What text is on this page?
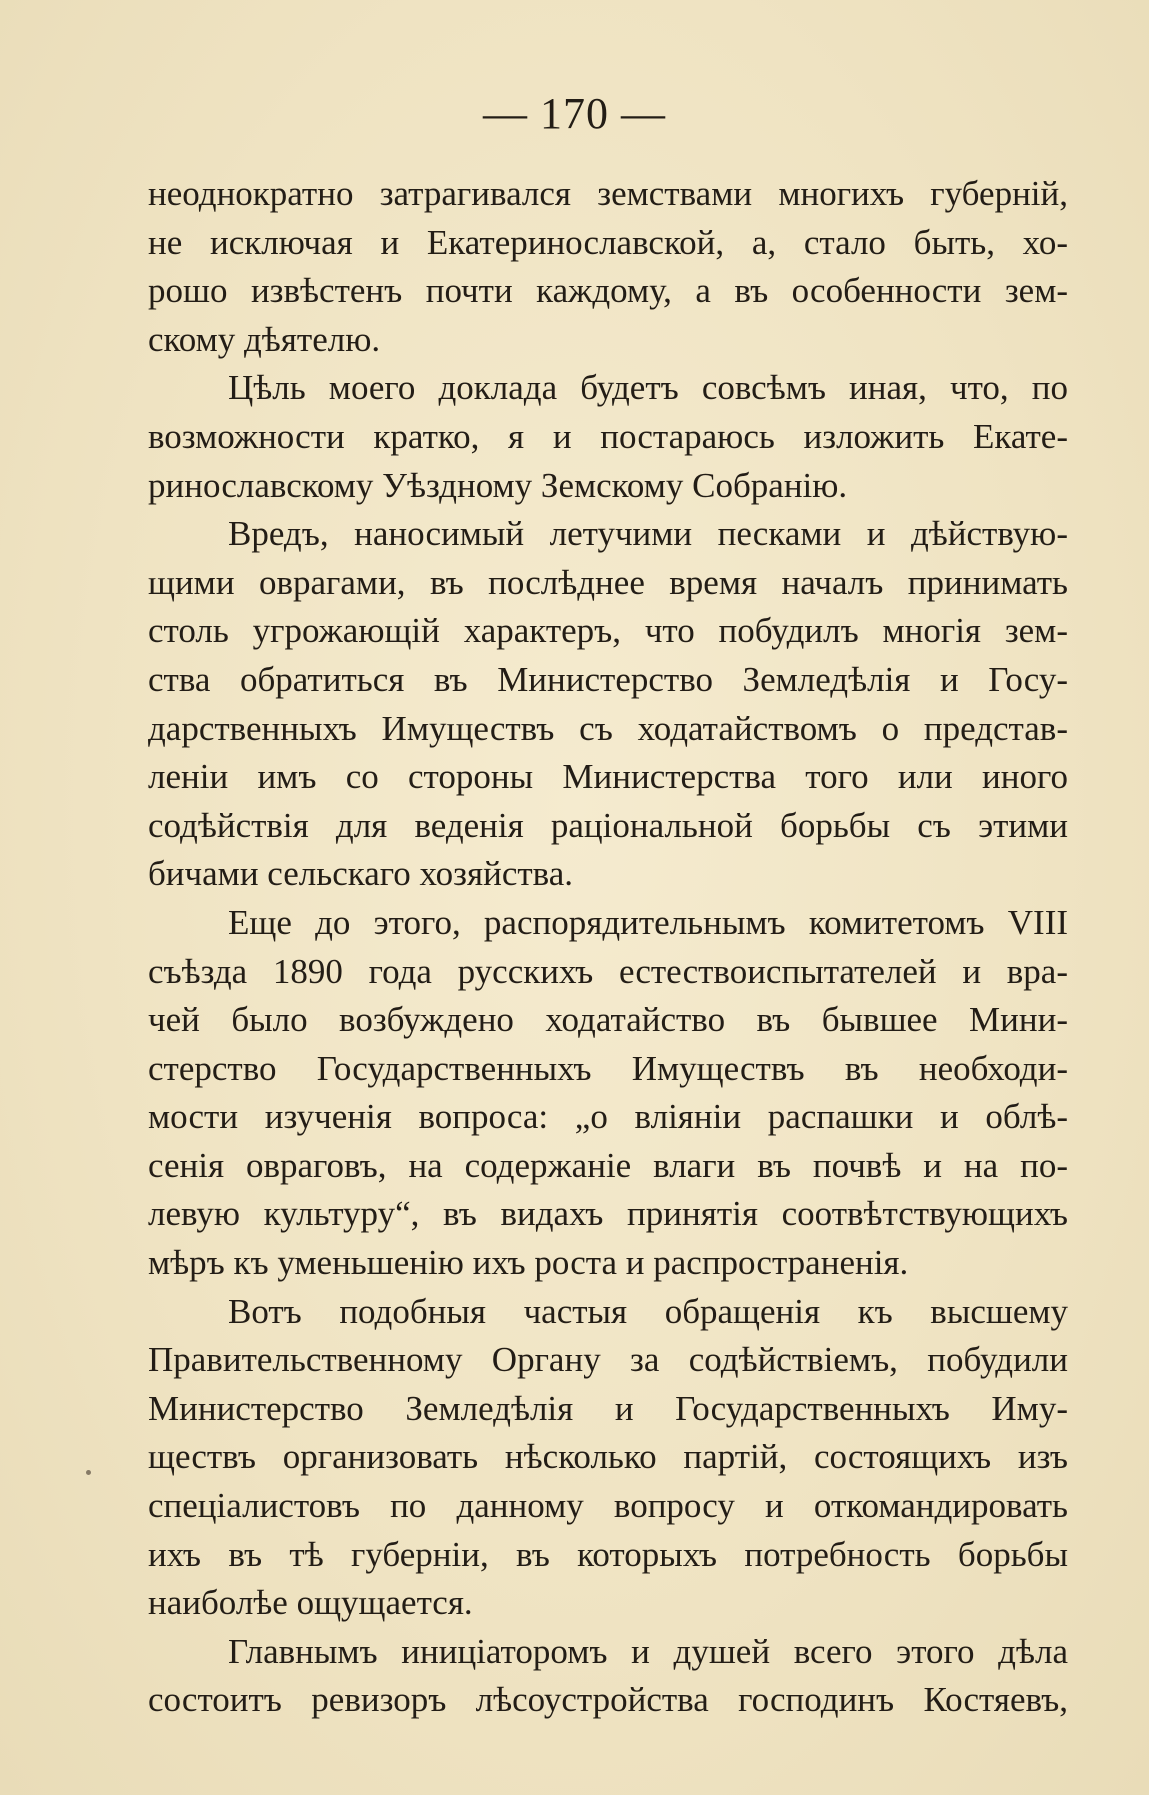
— 170 —
неоднократно затрагивался земствами многихъ губерній,
не исключая и Екатеринославской, а, стало быть, хо-
рошо извѣстенъ почти каждому, а въ особенности зем-
скому дѣятелю.
Цѣль моего доклада будетъ совсѣмъ иная, что, по
возможности кратко, я и постараюсь изложить Екате-
ринославскому Уѣздному Земскому Собранію.
Вредъ, наносимый летучими песками и дѣйствую-
щими оврагами, въ послѣднее время началъ принимать
столь угрожающій характеръ, что побудилъ многія зем-
ства обратиться въ Министерство Земледѣлія и Госу-
дарственныхъ Имуществъ съ ходатайствомъ о представ-
леніи имъ со стороны Министерства того или иного
содѣйствія для веденія раціональной борьбы съ этими
бичами сельскаго хозяйства.
Еще до этого, распорядительнымъ комитетомъ VIII
съѣзда 1890 года русскихъ естествоиспытателей и вра-
чей было возбуждено ходатайство въ бывшее Мини-
стерство Государственныхъ Имуществъ въ необходи-
мости изученія вопроса: „о вліяніи распашки и облѣ-
сенія овраговъ, на содержаніе влаги въ почвѣ и на по-
левую культуру“, въ видахъ принятія соотвѣтствующихъ
мѣръ къ уменьшенію ихъ роста и распространенія.
Вотъ подобныя частыя обращенія къ высшему
Правительственному Органу за содѣйствіемъ, побудили
Министерство Земледѣлія и Государственныхъ Иму-
ществъ организовать нѣсколько партій, состоящихъ изъ
спеціалистовъ по данному вопросу и откомандировать
ихъ въ тѣ губерніи, въ которыхъ потребность борьбы
наиболѣе ощущается.
Главнымъ иниціаторомъ и душей всего этого дѣла
состоитъ ревизоръ лѣсоустройства господинъ Костяевъ,
